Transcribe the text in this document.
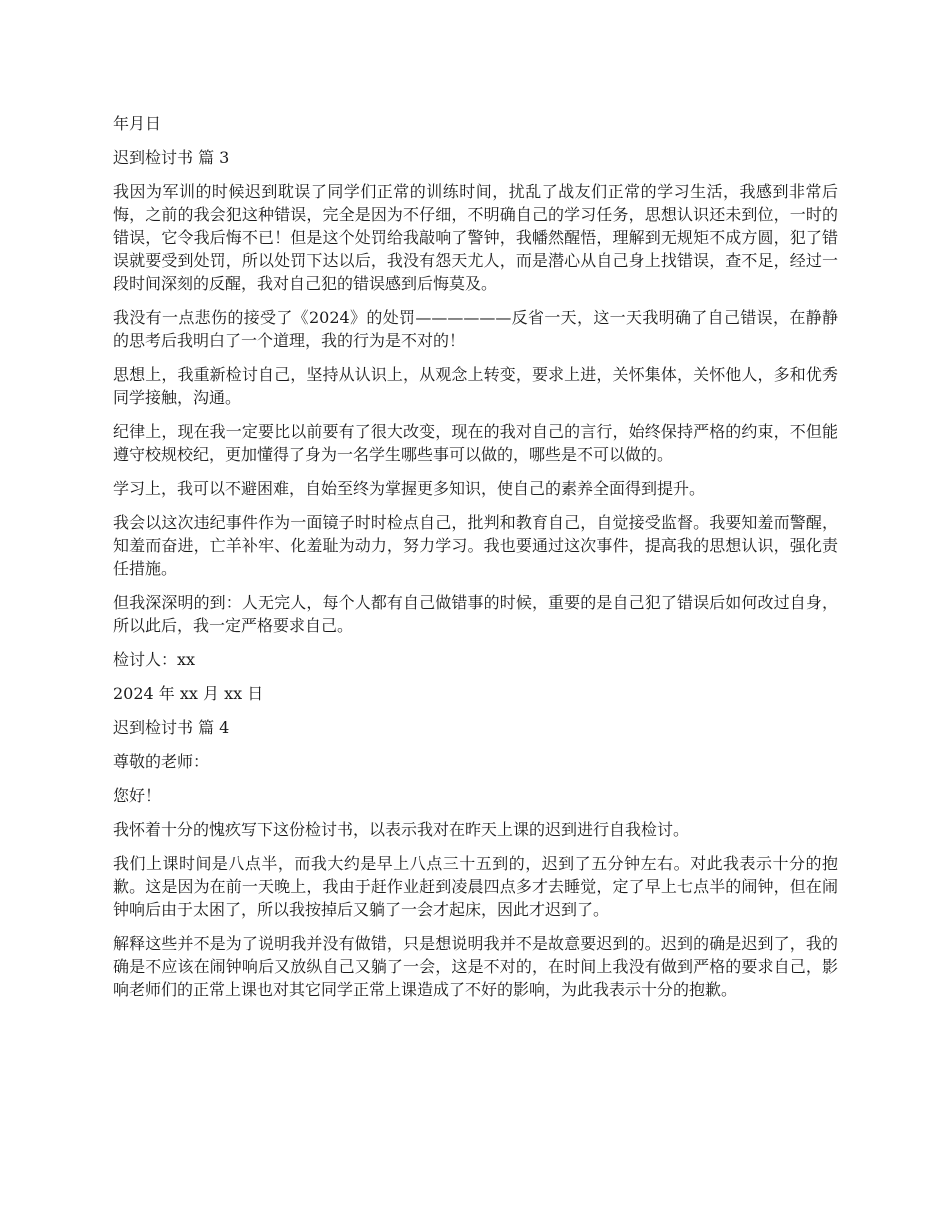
年月日

迟到检讨书 篇 3

我因为军训的时候迟到耽误了同学们正常的训练时间，扰乱了战友们正常的学习生活，我感到非常后悔，之前的我会犯这种错误，完全是因为不仔细，不明确自己的学习任务，思想认识还未到位，一时的错误，它令我后悔不已！但是这个处罚给我敲响了警钟，我幡然醒悟，理解到无规矩不成方圆，犯了错误就要受到处罚，所以处罚下达以后，我没有怨天尤人，而是潜心从自己身上找错误，查不足，经过一段时间深刻的反醒，我对自己犯的错误感到后悔莫及。

我没有一点悲伤的接受了《2024》的处罚——————反省一天，这一天我明确了自己错误，在静静的思考后我明白了一个道理，我的行为是不对的！

思想上，我重新检讨自己，坚持从认识上，从观念上转变，要求上进，关怀集体，关怀他人，多和优秀同学接触，沟通。

纪律上，现在我一定要比以前要有了很大改变，现在的我对自己的言行，始终保持严格的约束，不但能遵守校规校纪，更加懂得了身为一名学生哪些事可以做的，哪些是不可以做的。

学习上，我可以不避困难，自始至终为掌握更多知识，使自己的素养全面得到提升。

我会以这次违纪事件作为一面镜子时时检点自己，批判和教育自己，自觉接受监督。我要知羞而警醒，知羞而奋进，亡羊补牢、化羞耻为动力，努力学习。我也要通过这次事件，提高我的思想认识，强化责任措施。

但我深深明的到：人无完人，每个人都有自己做错事的时候，重要的是自己犯了错误后如何改过自身，所以此后，我一定严格要求自己。

检讨人：xx

2024 年 xx 月 xx 日

迟到检讨书 篇 4

尊敬的老师：

您好！

我怀着十分的愧疚写下这份检讨书，以表示我对在昨天上课的迟到进行自我检讨。

我们上课时间是八点半，而我大约是早上八点三十五到的，迟到了五分钟左右。对此我表示十分的抱歉。这是因为在前一天晚上，我由于赶作业赶到凌晨四点多才去睡觉，定了早上七点半的闹钟，但在闹钟响后由于太困了，所以我按掉后又躺了一会才起床，因此才迟到了。

解释这些并不是为了说明我并没有做错，只是想说明我并不是故意要迟到的。迟到的确是迟到了，我的确是不应该在闹钟响后又放纵自己又躺了一会，这是不对的，在时间上我没有做到严格的要求自己，影响老师们的正常上课也对其它同学正常上课造成了不好的影响，为此我表示十分的抱歉。
